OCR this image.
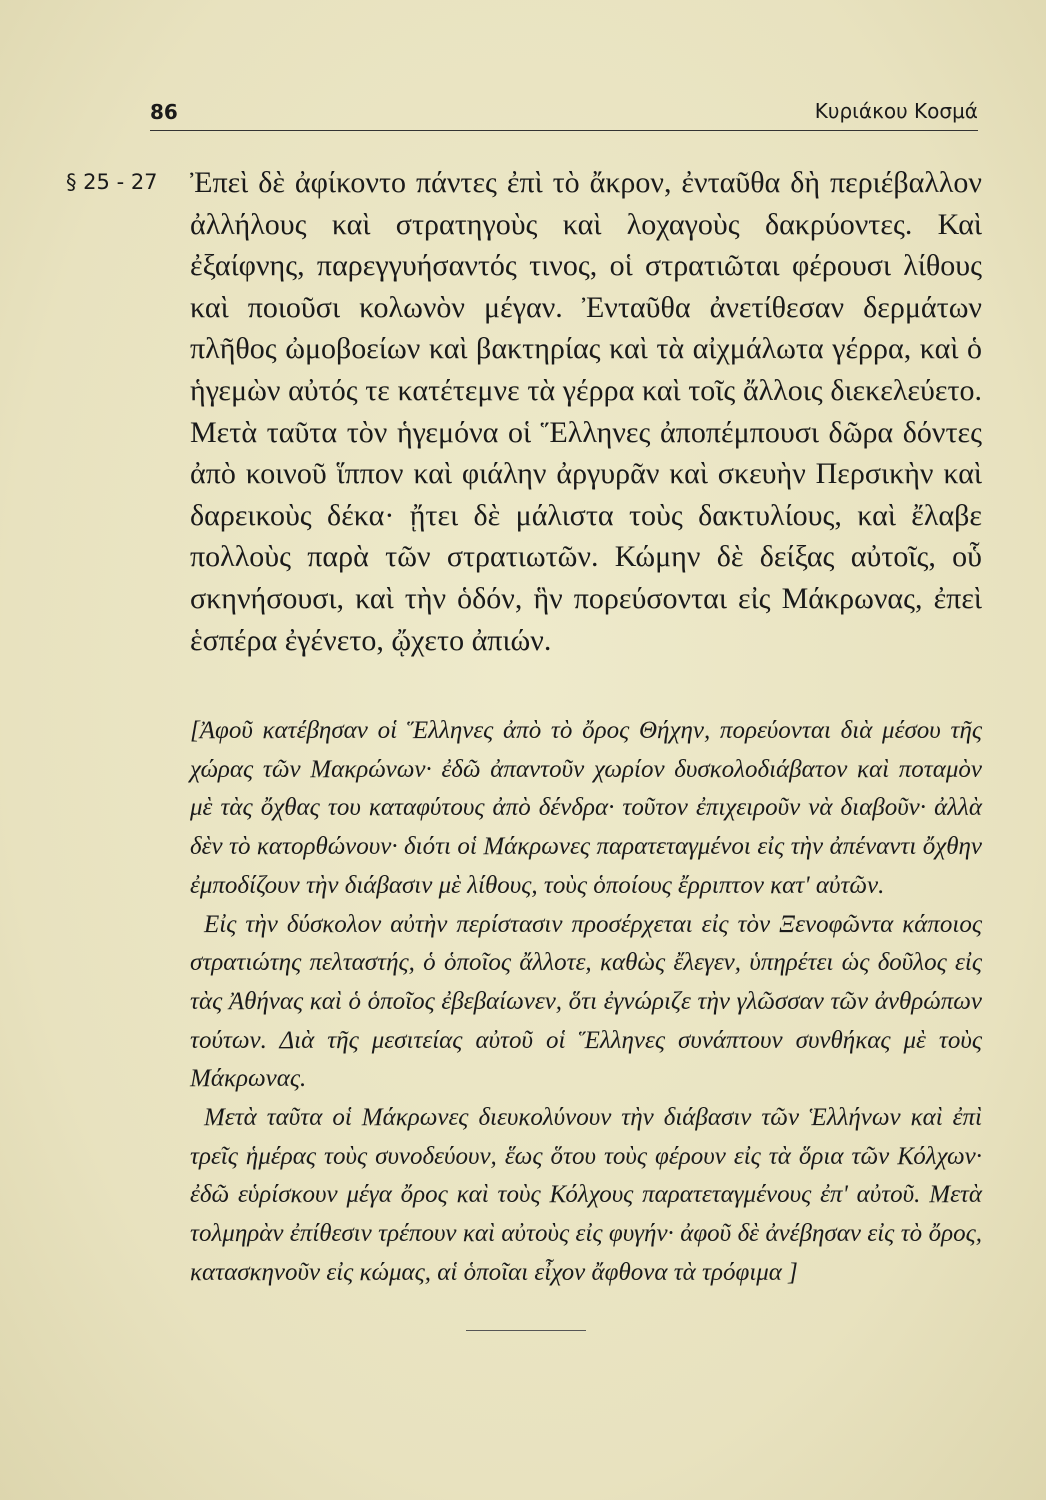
86	Κυριάκου Κοσμά
§ 25 - 27 Ἐπεὶ δὲ ἀφίκοντο πάντες ἐπὶ τὸ ἄκρον, ἐνταῦθα δὴ περιέβαλλον ἀλλήλους καὶ στρατηγοὺς καὶ λοχαγοὺς δακρύοντες. Καὶ ἐξαίφνης, παρεγγυήσαντός τινος, οἱ στρατιῶται φέρουσι λίθους καὶ ποιοῦσι κολωνὸν μέγαν. Ἐνταῦθα ἀνετίθεσαν δερμάτων πλῆθος ὠμοβοείων καὶ βακτηρίας καὶ τὰ αἰχμάλωτα γέρρα, καὶ ὁ ἡγεμὼν αὐτός τε κατέτεμνε τὰ γέρρα καὶ τοῖς ἄλλοις διεκελεύετο. Μετὰ ταῦτα τὸν ἡγεμόνα οἱ Ἕλληνες ἀποπέμπουσι δῶρα δόντες ἀπὸ κοινοῦ ἵππον καὶ φιάλην ἀργυρᾶν καὶ σκευὴν Περσικὴν καὶ δαρεικοὺς δέκα· ᾔτει δὲ μάλιστα τοὺς δακτυλίους, καὶ ἔλαβε πολλοὺς παρὰ τῶν στρατιωτῶν. Κώμην δὲ δείξας αὐτοῖς, οὗ σκηνήσουσι, καὶ τὴν ὁδόν, ἣν πορεύσονται εἰς Μάκρωνας, ἐπεὶ ἑσπέρα ἐγένετο, ᾤχετο ἀπιών.

[Ἀφοῦ κατέβησαν οἱ Ἕλληνες ἀπὸ τὸ ὄρος Θήχην, πορεύονται διὰ μέσου τῆς χώρας τῶν Μακρώνων· ἐδῶ ἀπαντοῦν χωρίον δυσκολοδιάβατον καὶ ποταμὸν μὲ τὰς ὄχθας του καταφύτους ἀπὸ δένδρα· τοῦτον ἐπιχειροῦν νὰ διαβοῦν· ἀλλὰ δὲν τὸ κατορθώνουν· διότι οἱ Μάκρωνες παρατεταγμένοι εἰς τὴν ἀπέναντι ὄχθην ἐμποδίζουν τὴν διάβασιν μὲ λίθους, τοὺς ὁποίους ἔρριπτον κατ' αὐτῶν.

Εἰς τὴν δύσκολον αὐτὴν περίστασιν προσέρχεται εἰς τὸν Ξενοφῶντα κάποιος στρατιώτης πελταστής, ὁ ὁποῖος ἄλλοτε, καθὼς ἔλεγεν, ὑπηρέτει ὡς δοῦλος εἰς τὰς Ἀθήνας καὶ ὁ ὁποῖος ἐβεβαίωνεν, ὅτι ἐγνώριζε τὴν γλῶσσαν τῶν ἀνθρώπων τούτων. Διὰ τῆς μεσιτείας αὐτοῦ οἱ Ἕλληνες συνάπτουν συνθήκας μὲ τοὺς Μάκρωνας.

Μετὰ ταῦτα οἱ Μάκρωνες διευκολύνουν τὴν διάβασιν τῶν Ἑλλήνων καὶ ἐπὶ τρεῖς ἡμέρας τοὺς συνοδεύουν, ἕως ὅτου τοὺς φέρουν εἰς τὰ ὅρια τῶν Κόλχων· ἐδῶ εὑρίσκουν μέγα ὄρος καὶ τοὺς Κόλχους παρατεταγμένους ἐπ' αὐτοῦ. Μετὰ τολμηρὰν ἐπίθεσιν τρέπουν καὶ αὐτοὺς εἰς φυγήν· ἀφοῦ δὲ ἀνέβησαν εἰς τὸ ὄρος, κατασκηνοῦν εἰς κώμας, αἱ ὁποῖαι εἶχον ἄφθονα τὰ τρόφιμα ]
